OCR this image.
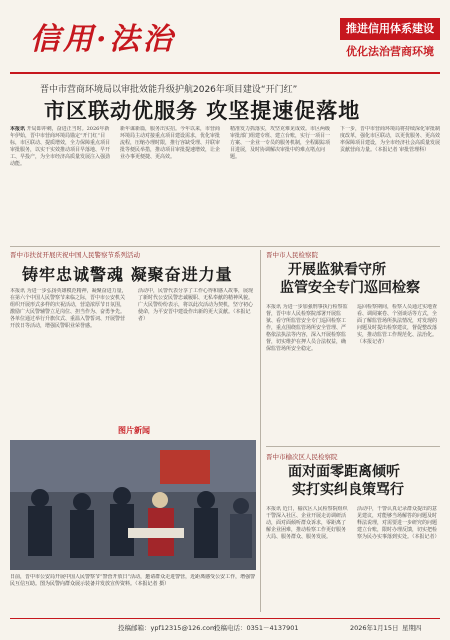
信用·法治	推进信用体系建设
优化法治营商环境
晋中市营商环境局以审批效能升级护航2026年项目建设“开门红”
市区联动优服务 攻坚提速促落地
本报讯 开局即冲刺，奋进正当时。2026年新年伊始，晋中市营商环境局锚定“开门红”目标，市区联动、提质增效，全力保障重点项目审批服务，以实干实效推动项目早落地、早开工、早投产，为全市经济高质量发展注入强劲动能。
新年谋新篇，服务出实招。今年以来，市营商环境局主动对接重点项目建设需求，优化审批流程，压缩办理时限，推行容缺受理、并联审批等便民举措，推动项目审批提速增效，让企业办事更便捷、更高效。
精准发力抓落实，攻坚克难见成效。市区两级审批部门组建专班、建立台账，实行一项目一方案、一企业一专员的服务机制，全程跟踪项目进展，及时协调解决审批中的难点堵点问题。
下一步，晋中市营商环境局将持续深化审批制度改革，强化市区联动，以更优服务、更高效率保障项目建设，为全市经济社会高质量发展贡献营商力量。（本报记者 审批管理科）
晋中市扶贫开展庆祝中国人民警察节系列活动
铸牢忠诚警魂 凝聚奋进力量
本报讯 为进一步弘扬英雄模范精神，凝聚奋进力量，在第六个中国人民警察节来临之际，晋中市公安机关组织开展形式多样的庆祝活动，营造浓厚节日氛围，激励广大民警辅警立足岗位、担当作为、奋勇争先。各单位通过举行升旗仪式、重温入警誓词、开展警营开放日等活动，增强民警职业荣誉感。
活动中，民警代表分享了工作心得和感人故事，展现了新时代公安民警忠诚履职、无私奉献的精神风貌。广大民警纷纷表示，将以此次活动为契机，坚守初心使命，为平安晋中建设作出新的更大贡献。（本报记者）
图片新闻
日前，晋中市公安局开展中国人民警察节“警营开放日”活动，邀请群众走进警营，近距离感受公安工作，增强警民互信互助。图为民警向群众展示装备并发放宣传资料。（本报记者 摄）
晋中市人民检察院
开展监狱看守所
监管安全专门巡回检察
本报讯 为进一步加强刑事执行检察监督，晋中市人民检察院部署开展监狱、看守所监管安全专门巡回检察工作，重点围绕监管场所安全管理、严格依法执法等内容，深入开展检察监督，切实维护在押人员合法权益，确保监管场所安全稳定。
巡回检察期间，检察人员通过实地查看、调阅案卷、个别谈话等方式，全面了解监管场所执法情况，对发现的问题及时提出检察建议，督促整改落实，推动监管工作规范化、法治化。（本报记者）
晋中市榆次区人民检察院
面对面零距离倾听
实打实纠良策骂行
本报讯 近日，榆次区人民检察院组织干警深入社区、企业开展走访调研活动，面对面倾听群众诉求，零距离了解企业困难，推动检察工作更好服务大局、服务群众、服务发展。
活动中，干警认真记录群众提出的意见建议，对能够当场解答的问题及时释法说理，对需要进一步研究的问题建立台账，限时办理反馈，切实把检察为民办实事落到实处。（本报记者）
投稿邮箱：ypf12315@126.com
投稿电话：0351－4137901	2026年1月15日 星期四
